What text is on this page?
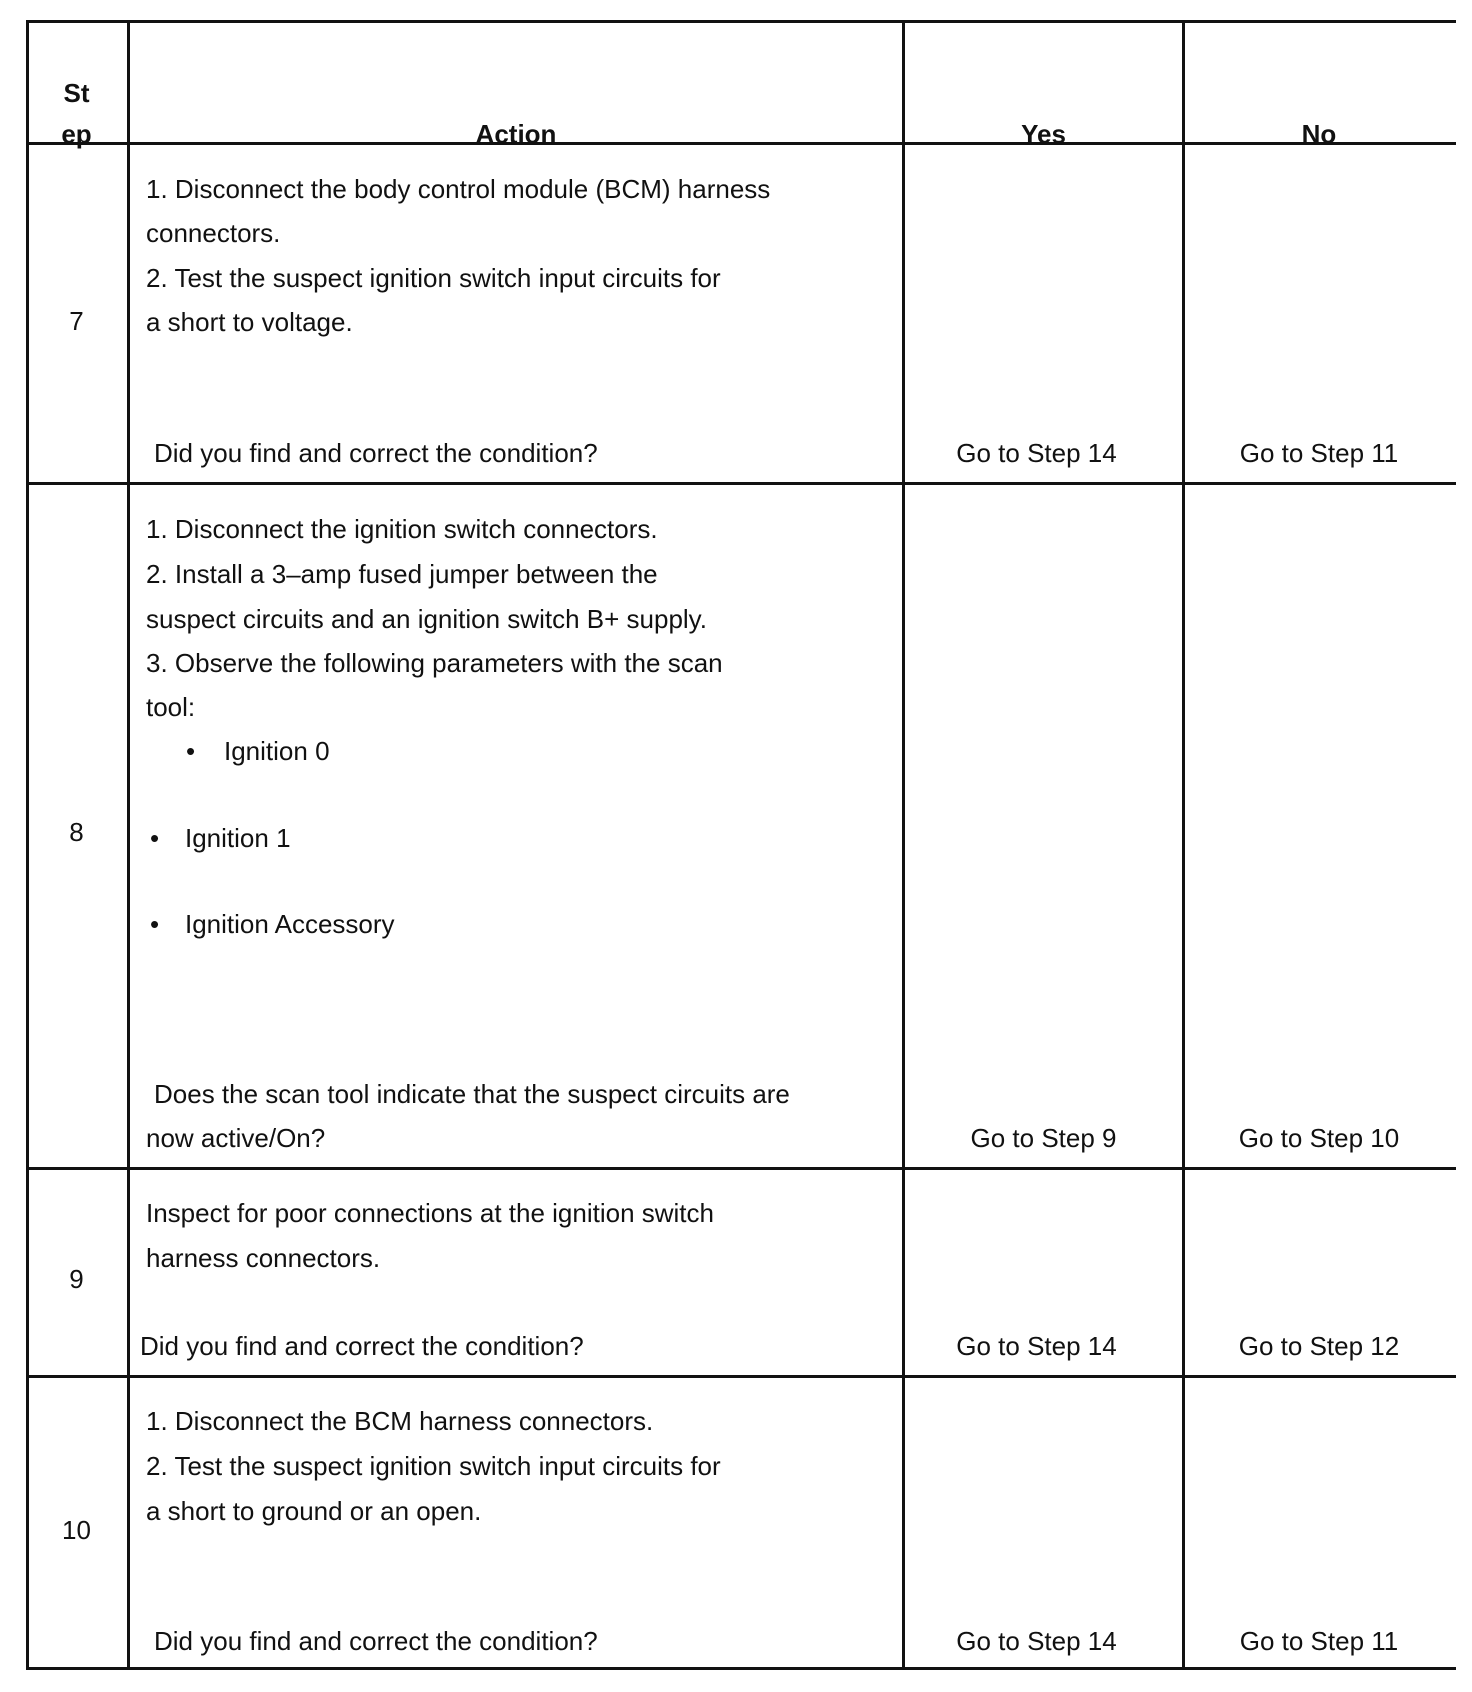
St
ep	Action	Yes	No
7
1. Disconnect the body control module (BCM) harness
connectors.
2. Test the suspect ignition switch input circuits for
a short to voltage.
Did you find and correct the condition?	Go to Step 14	Go to Step 11
8
1. Disconnect the ignition switch connectors.
2. Install a 3–amp fused jumper between the
suspect circuits and an ignition switch B+ supply.
3. Observe the following parameters with the scan
tool:
• Ignition 0
• Ignition 1
• Ignition Accessory
Does the scan tool indicate that the suspect circuits are
now active/On?	Go to Step 9	Go to Step 10
9
Inspect for poor connections at the ignition switch
harness connectors.
Did you find and correct the condition?	Go to Step 14	Go to Step 12
10
1. Disconnect the BCM harness connectors.
2. Test the suspect ignition switch input circuits for
a short to ground or an open.
Did you find and correct the condition?	Go to Step 14	Go to Step 11
